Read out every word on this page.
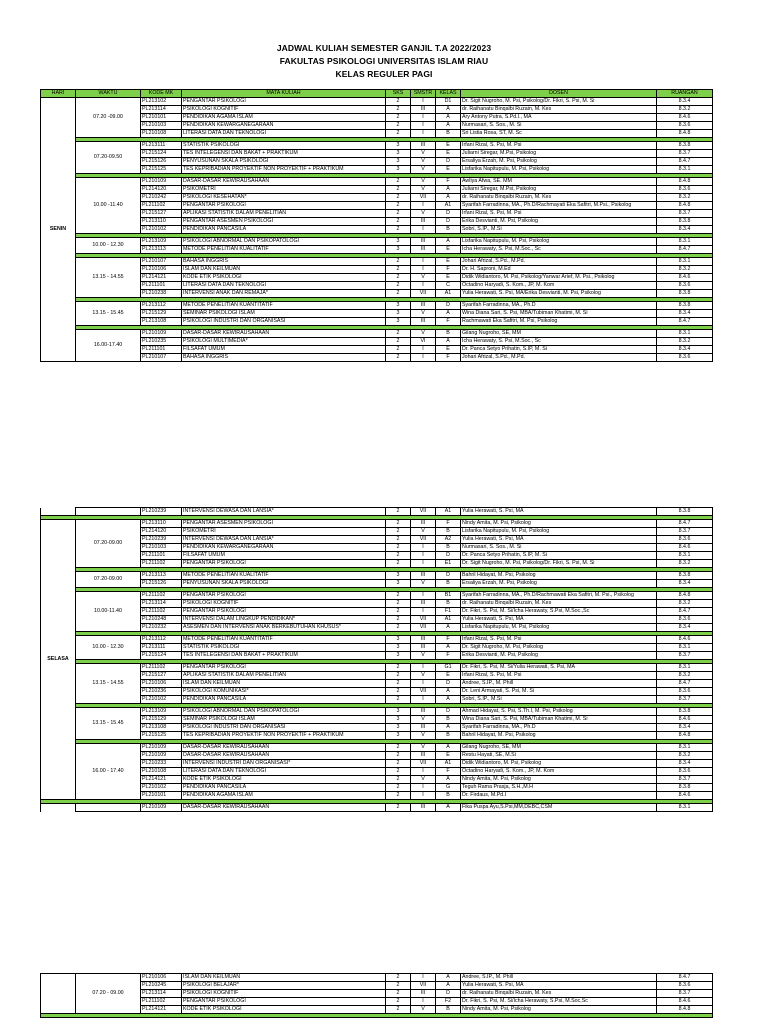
JADWAL KULIAH SEMESTER GANJIL T.A 2022/2023
FAKULTAS PSIKOLOGI UNIVERSITAS ISLAM RIAU
KELAS REGULER PAGI
HARI	WAKTU	KODE MK	MATA KULIAH	SKS	SMSTR	KELAS	DOSEN	RUANGAN
SENIN	07.20 -09.00	PL213102	PENGANTAR PSIKOLOGI	2	I	D1	Dr. Sigit Nugroho, M. Psi, Psikolog/Dr. Fikri, S. Psi, M. Si	8.3.4
		PL213114	PSIKOLOGI KOGNITIF	2	III	A	dr. Raihanatu Binqalbi Ruzain, M. Kes	8.3.2
		PL210101	PENDIDIKAN AGAMA ISLAM	2	I	A	Ary Antony Putra, S.Pd.I., MA	8.4.6
		PL210103	PENDIDIKAN KEWARGANEGARAAN	2	I	A	Nurmasari, S. Sos., M. Si	8.3.6
		PL210108	LITERASI DATA DAN TEKNOLOGI	2	I	B	Sri Listia Rosa, ST, M. Sc	8.4.8

	07.20-09.50	PL213111	STATISTIK PSIKOLOGI	3	III	E	Irfani Rizal, S. Psi, M. Psi	8.3.8
		PL215124	TES INTELEGENSI DAN BAKAT + PRAKTIKUM	3	V	E	Juliarni Siregar, M.Psi, Psikolog	8.3.7
		PL215126	PENYUSUNAN SKALA PSIKOLOGI	3	V	D	Ersaliya Erzah, M. Psi, Psikolog	8.4.7
		PL215125	TES KEPRIBADIAN PROYEKTIF NON PROYEKTIF + PRAKTIKUM	3	V	E	Lisfarika Napitupulu, M. Psi, Psikolog	8.3.1

	10.00 -11.40	PL210109	DASAR-DASAR KEWIRAUSAHAAN	2	V	F	Awliya Afwa, SE. MM	8.4.8
		PL214120	PSIKOMETRI	2	V	A	Juliarni Siregar, M.Psi, Psikolog	8.3.6
		PL210242	PSIKOLOGI KESEHATAN*	2	VII	A	dr. Raihanatu Binqalbi Ruzain, M. Kes	8.3.2
		PL211102	PENGANTAR PSIKOLOGI	2	I	A1	Syarifah Farradinna, MA., Ph.D/Rachmayati Eka Safitri, M.Psi., Psikolog	8.4.8
		PL215127	APLIKASI STATISTIK DALAM PENELITIAN	2	V	D	Irfani Rizal, S. Psi, M. Psi	8.3.7
		PL213110	PENGANTAR ASESMEN PSIKOLOGI	2	III	D	Erika Desvianti, M. Psi, Psikolog	8.3.8
		PL210102	PENDIDIKAN PANCASILA	2	I	B	Sobri, S.IP., M.Si	8.3.4

	10.00 - 12.30	PL213109	PSIKOLOGI ABNORMAL DAN PSIKOPATOLOGI	3	III	A	Lisfarika Napitupulu, M. Psi, Psikolog	8.3.1
		PL213113	METODE PENELITIAN KUALITATIF	3	III	E	Icha Herawaty, S. Psi, M.Soc., Sc	8.4.7

	13.15 - 14.55	PL210107	BAHASA INGGRIS	2	I	E	Johari Afrizal, S.Pd., M.Pd.	8.3.1
		PL210106	ISLAM DAN KEILMUAN	2	I	F	Dr. H. Saproni, M.Ed	8.3.2
		PL214121	KODE ETIK PSIKOLOGI	2	V	E	Didik Widiantoro, M. Psi, Psikolog/Yanwar Arief, M. Psi., Psikolog	8.4.6
		PL211101	LITERASI DATA DAN TEKNOLOGI	2	I	C	Octadino Haryadi, S. Kom., JP, M. Kom	8.3.6
		PL210238	INTERVENSI ANAK DAN REMAJA*	2	VII	A1	Yulia Herawati, S. Psi, MA/Erika Desvianti, M. Psi, Psikolog	8.3.8

	13.15 - 15.45	PL213112	METODE PENELITIAN KUANTITATIF	3	III	D	Syarifah Farradinna, MA., Ph.D	8.3.8
		PL215129	SEMINAR PSIKOLOGI ISLAM	3	V	A	Wina Diana Sari, S. Psi, MBA/Tubiman Khatimi, M. Si	8.3.4
		PL213108	PSIKOLOGI INDUSTRI DAN ORGANISASI	3	III	F	Rachmawati Eka Safitri, M. Psi, Psikolog	8.4.7

	16.00-17.40	PL210109	DASAR-DASAR KEWIRAUSAHAAN	2	V	B	Gilang Nugroho, SE, MM	8.3.1
		PL210235	PSIKOLOGI MULTIMEDIA*	2	VI	A	Icha Herawaty, S. Psi, M.Soc., Sc	8.3.2
		PL211101	FILSAFAT UMUM	2	I	E	Dr. Panca Setyo Prihatin, S.IP, M. Si	8.3.4
		PL210107	BAHASA INGGRIS	2	I	F	Johari Afrizal, S.Pd., M.Pd.	8.3.6
		PL210239	INTERVENSI DEWASA DAN LANSIA*	2	VII	A1	Yulia Herawati, S. Psi, MA	8.3.8

SELASA	07.20-09.00	PL213110	PENGANTAR ASESMEN PSIKOLOGI	2	III	F	Nindy Amita, M. Psi, Psikolog	8.4.7
		PL214120	PSIKOMETRI	2	V	B	Lisfarika Napitupulu, M. Psi, Psikolog	8.3.7
		PL210239	INTERVENSI DEWASA DAN LANSIA*	2	VII	A2	Yulia Herawati, S. Psi, MA	8.3.6
		PL210103	PENDIDIKAN KEWARGANEGARAAN	2	I	B	Nurmasari, S. Sos., M. Si	8.4.6
		PL211101	FILSAFAT UMUM	2	I	D	Dr. Panca Setyo Prihatin, S.IP, M. Si	8.3.1
		PL211102	PENGANTAR PSIKOLOGI	2	I	E1	Dr. Sigit Nugroho, M. Psi, Psikolog/Dr. Fikri, S. Psi, M. Si	8.3.2

	07.20-09.00	PL213113	METODE PENELITIAN KUALITATIF	3	III	D	Bahril Hidayat, M. Psi, Psikolog	8.3.8
		PL215126	PENYUSUNAN SKALA PSIKOLOGI	3	V	B	Ersaliya Erzah, M. Psi, Psikolog	8.3.4

	10.00-11.40	PL211102	PENGANTAR PSIKOLOGI	2	I	B1	Syarifah Farradinna, MA., Ph.D/Rachmawati Eka Safitri, M. Psi., Psikolog	8.4.8
		PL213114	PSIKOLOGI KOGNITIF	2	III	B	dr. Raihanatu Binqalbi Ruzain, M. Kes	8.3.2
		PL211102	PENGANTAR PSIKOLOGI	2	I	F1	Dr. Fikri, S. Psi, M. Si/Icha Herawaty, S.Psi, M.Soc.,Sc	8.4.7
		PL210248	INTERVENSI DALAM LINGKUP PENDIDIKAN*	2	VII	A1	Yulia Herawati, S. Psi, MA	8.3.6
		PL210232	ASESMEN DAN INTERVENSI ANAK BERKEBUTUHAN KHUSUS*	2	VII	A	Lisfarika Napitupulu, M. Psi, Psikolog	8.3.4

	10.00 - 12.30	PL213112	METODE PENELITIAN KUANTITATIF	3	III	F	Irfani Rizal, S. Psi, M. Psi	8.4.6
		PL213111	STATISTIK PSIKOLOGI	3	III	A	Dr. Sigit Nugroho, M. Psi, Psikolog	8.3.1
		PL215124	TES INTELEGENSI DAN BAKAT + PRAKTIKUM	3	V	F	Erika Desvianti, M. Psi, Psikolog	8.3.7

	13.15 - 14.55	PL211102	PENGANTAR PSIKOLOGI	2	I	G1	Dr. Fikri, S. Psi, M. Si/Yulia Herawati, S. Psi, MA	8.3.1
		PL215127	APLIKASI STATISTIK DALAM PENELITIAN	2	V	E	Irfani Rizal, S. Psi, M. Psi	8.3.2
		PL210106	ISLAM DAN KEILMUAN	2	I	D	Andree, S.IP., M. Phill	8.4.7
		PL210236	PSIKOLOGI KOMUNIKASI*	2	VII	A	Dr. Leni Armayati, S. Psi, M. Si	8.3.6
		PL210102	PENDIDIKAN PANCASILA	2	I	A	Sobri, S.IP., M.Si	8.3.7

	13.15 - 15.45	PL213109	PSIKOLOGI ABNORMAL DAN PSIKOPATOLOGI	3	III	D	Ahmad Hidayat, S. Psi, S.Th.I, M. Psi, Psikolog	8.3.8
		PL215129	SEMINAR PSIKOLOGI ISLAM	3	V	B	Wina Diana Sari, S. Psi, MBA/Tubiman Khatimi, M. Si	8.4.6
		PL213108	PSIKOLOGI INDUSTRI DAN ORGANISASI	3	III	A	Syarifah Farradinna, MA., Ph.D	8.3.4
		PL215125	TES KEPRIBADIAN PROYEKTIF NON PROYEKTIF + PRAKTIKUM	3	V	B	Bahril Hidayat, M. Psi, Psikolog	8.4.8

	16.00 - 17.40	PL210109	DASAR-DASAR KEWIRAUSAHAAN	2	V	A	Gilang Nugroho, SE, MM	8.3.1
		PL210109	DASAR-DASAR KEWIRAUSAHAAN	2	III	E	Restu Hayati, SE, M.Si	8.3.2
		PL210233	INTERVENSI INDUSTRI DAN ORGANISASI*	2	VII	A1	Didik Widiantoro, M. Psi, Psikolog	8.3.4
		PL210108	LITERASI DATA DAN TEKNOLOGI	2	I	F	Octadino Haryadi, S. Kom., JP, M. Kom	8.3.6
		PL214121	KODE ETIK PSIKOLOGI	2	V	A	Nindy Amita, M. Psi, Psikolog	8.3.7
		PL210102	PENDIDIKAN PANCASILA	2	I	G	Teguh Rama Prasja, S.H.,M.H	8.3.8
		PL210101	PENDIDIKAN AGAMA ISLAM	2	I	B	Dr. Firdaus, M.Pd.I	8.4.6

		PL210109	DASAR-DASAR KEWIRAUSAHAAN	2	III	A	Fika Puspa Ayu,S.Psi,MM,DEBC,CSM	8.3.1
	07.20 - 09.00	PL210106	ISLAM DAN KEILMUAN	2	I	A	Andree, S.IP., M. Phill	8.4.7
		PL210245	PSIKOLOGI BELAJAR*	2	VII	A	Yulia Herawati, S. Psi, MA	8.3.6
		PL213114	PSIKOLOGI KOGNITIF	2	III	D	dr. Raihanatu Binqalbi Ruzain, M. Kes	8.3.7
		PL211102	PENGANTAR PSIKOLOGI	2	I	F2	Dr. Fikri, S. Psi, M. Si/Icha Herawaty, S.Psi, M.Soc,Sc	8.4.6
		PL214121	KODE ETIK PSIKOLOGI	2	V	B	Nindy Amita, M. Psi, Psikolog	8.4.8
